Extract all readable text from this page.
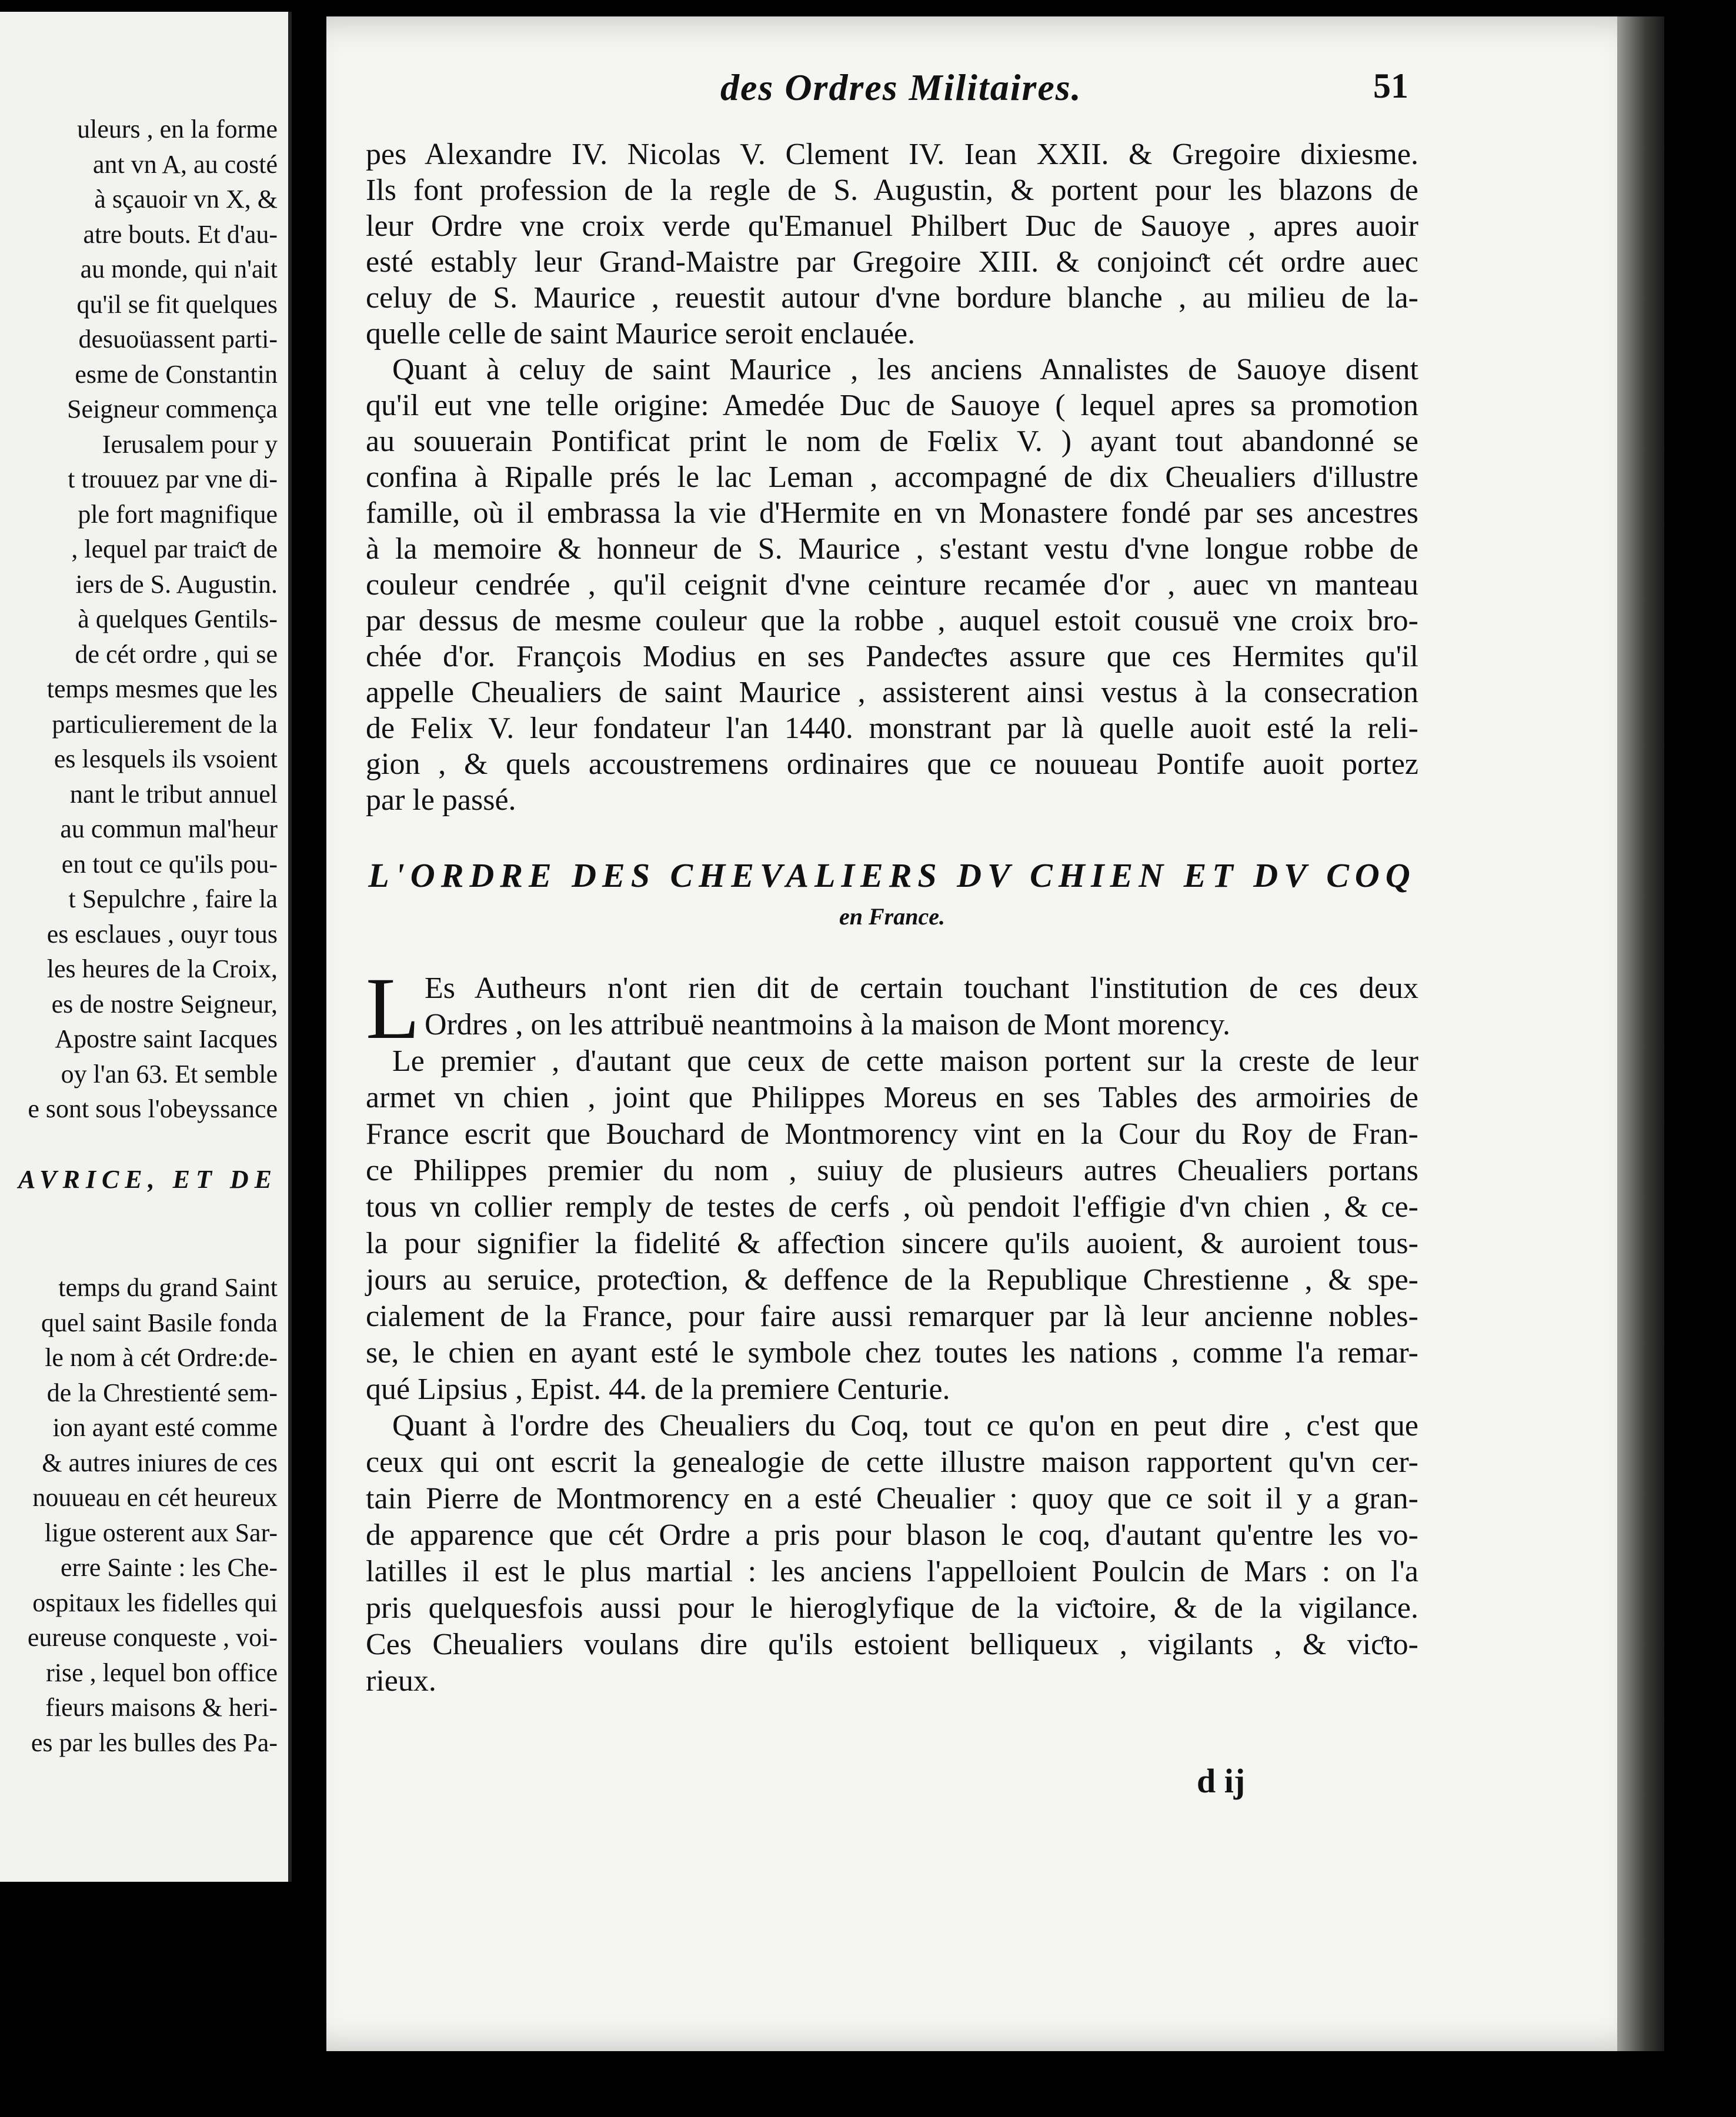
uleurs , en la forme
ant vn A, au costé
à sçauoir vn X, &
atre bouts. Et d'au-
au monde, qui n'ait
qu'il se fit quelques
desuoüassent parti-
esme de Constantin
Seigneur commença
Ierusalem pour y
t trouuez par vne di-
ple fort magnifique
, lequel par traiƈt de
iers de S. Augustin.
à quelques Gentils-
de cét ordre , qui se
temps mesmes que les
particulierement de la
es lesquels ils vsoient
nant le tribut annuel
au commun mal'heur
en tout ce qu'ils pou-
t Sepulchre , faire la
es esclaues , ouyr tous
les heures de la Croix,
es de nostre Seigneur,
Apostre saint Iacques
oy l'an 63. Et semble
e sont sous l'obeyssance
AVRICE, ET DE
temps du grand Saint
quel saint Basile fonda
le nom à cét Ordre:de-
de la Chrestienté sem-
ion ayant esté comme
& autres iniures de ces
nouueau en cét heureux
ligue osterent aux Sar-
erre Sainte : les Che-
ospitaux les fidelles qui
eureuse conqueste , voi-
rise , lequel bon office
fieurs maisons & heri-
es par les bulles des Pa-
des Ordres Militaires.	51
pes Alexandre IV. Nicolas V. Clement IV. Iean XXII. & Gregoire dixiesme.
Ils font profession de la regle de S. Augustin, & portent pour les blazons de
leur Ordre vne croix verde qu'Emanuel Philbert Duc de Sauoye , apres auoir
esté estably leur Grand-Maistre par Gregoire XIII. & conjoinƈt cét ordre auec
celuy de S. Maurice , reuestit autour d'vne bordure blanche , au milieu de la-
quelle celle de saint Maurice seroit enclauée.
Quant à celuy de saint Maurice , les anciens Annalistes de Sauoye disent
qu'il eut vne telle origine: Amedée Duc de Sauoye ( lequel apres sa promotion
au souuerain Pontificat print le nom de Fœlix V. ) ayant tout abandonné se
confina à Ripalle prés le lac Leman , accompagné de dix Cheualiers d'illustre
famille, où il embrassa la vie d'Hermite en vn Monastere fondé par ses ancestres
à la memoire & honneur de S. Maurice , s'estant vestu d'vne longue robbe de
couleur cendrée , qu'il ceignit d'vne ceinture recamée d'or , auec vn manteau
par dessus de mesme couleur que la robbe , auquel estoit cousuë vne croix bro-
chée d'or. François Modius en ses Pandeƈtes assure que ces Hermites qu'il
appelle Cheualiers de saint Maurice , assisterent ainsi vestus à la consecration
de Felix V. leur fondateur l'an 1440. monstrant par là quelle auoit esté la reli-
gion , & quels accoustremens ordinaires que ce nouueau Pontife auoit portez
par le passé.
L'ORDRE DES CHEVALIERS DV CHIEN ET DV COQ
en France.
L Es Autheurs n'ont rien dit de certain touchant l'institution de ces deux
Ordres , on les attribuë neantmoins à la maison de Mont morency.
Le premier , d'autant que ceux de cette maison portent sur la creste de leur
armet vn chien , joint que Philippes Moreus en ses Tables des armoiries de
France escrit que Bouchard de Montmorency vint en la Cour du Roy de Fran-
ce Philippes premier du nom , suiuy de plusieurs autres Cheualiers portans
tous vn collier remply de testes de cerfs , où pendoit l'effigie d'vn chien , & ce-
la pour signifier la fidelité & affeƈtion sincere qu'ils auoient, & auroient tous-
jours au seruice, proteƈtion, & deffence de la Republique Chrestienne , & spe-
cialement de la France, pour faire aussi remarquer par là leur ancienne nobles-
se, le chien en ayant esté le symbole chez toutes les nations , comme l'a remar-
qué Lipsius , Epist. 44. de la premiere Centurie.
Quant à l'ordre des Cheualiers du Coq, tout ce qu'on en peut dire , c'est que
ceux qui ont escrit la genealogie de cette illustre maison rapportent qu'vn cer-
tain Pierre de Montmorency en a esté Cheualier : quoy que ce soit il y a gran-
de apparence que cét Ordre a pris pour blason le coq, d'autant qu'entre les vo-
latilles il est le plus martial : les anciens l'appelloient Poulcin de Mars : on l'a
pris quelquesfois aussi pour le hieroglyfique de la viƈtoire, & de la vigilance.
Ces Cheualiers voulans dire qu'ils estoient belliqueux , vigilants , & viƈto-
rieux.
d ij
